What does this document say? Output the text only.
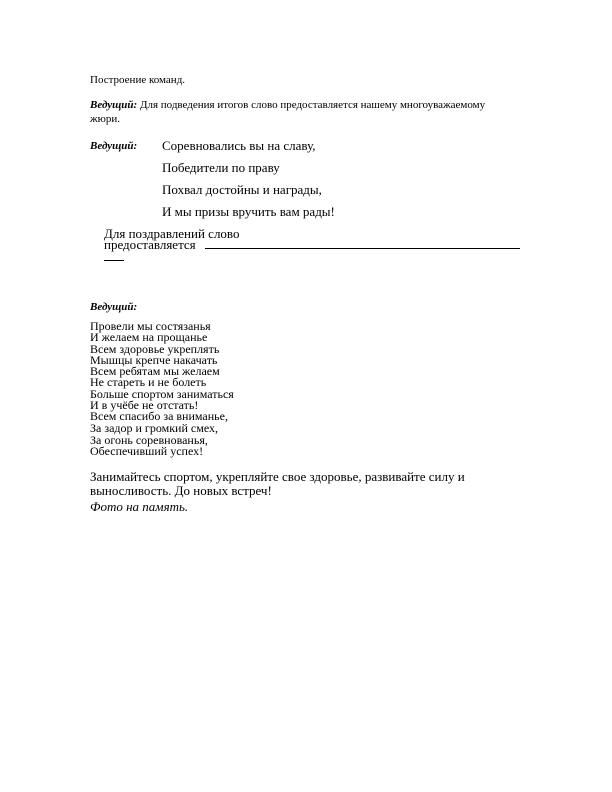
Построение команд.

Ведущий: Для подведения итогов слово предоставляется нашему многоуважаемому

жюри.

Ведущий: Соревновались вы на славу,

Победители по праву

Похвал достойны и награды,

И мы призы вручить вам рады!

Для поздравлений слово

предоставляется

Ведущий:

Провели мы состязанья
И желаем на прощанье
Всем здоровье укреплять
Мышцы крепче накачать
Всем ребятам мы желаем
Не стареть и не болеть
Больше спортом заниматься
И в учёбе не отстать!
Всем спасибо за вниманье,
За задор и громкий смех,
За огонь соревнованья,
Обеспечивший успех!

Занимайтесь спортом, укрепляйте свое здоровье, развивайте силу и

выносливость. До новых встреч!

Фото на память.
